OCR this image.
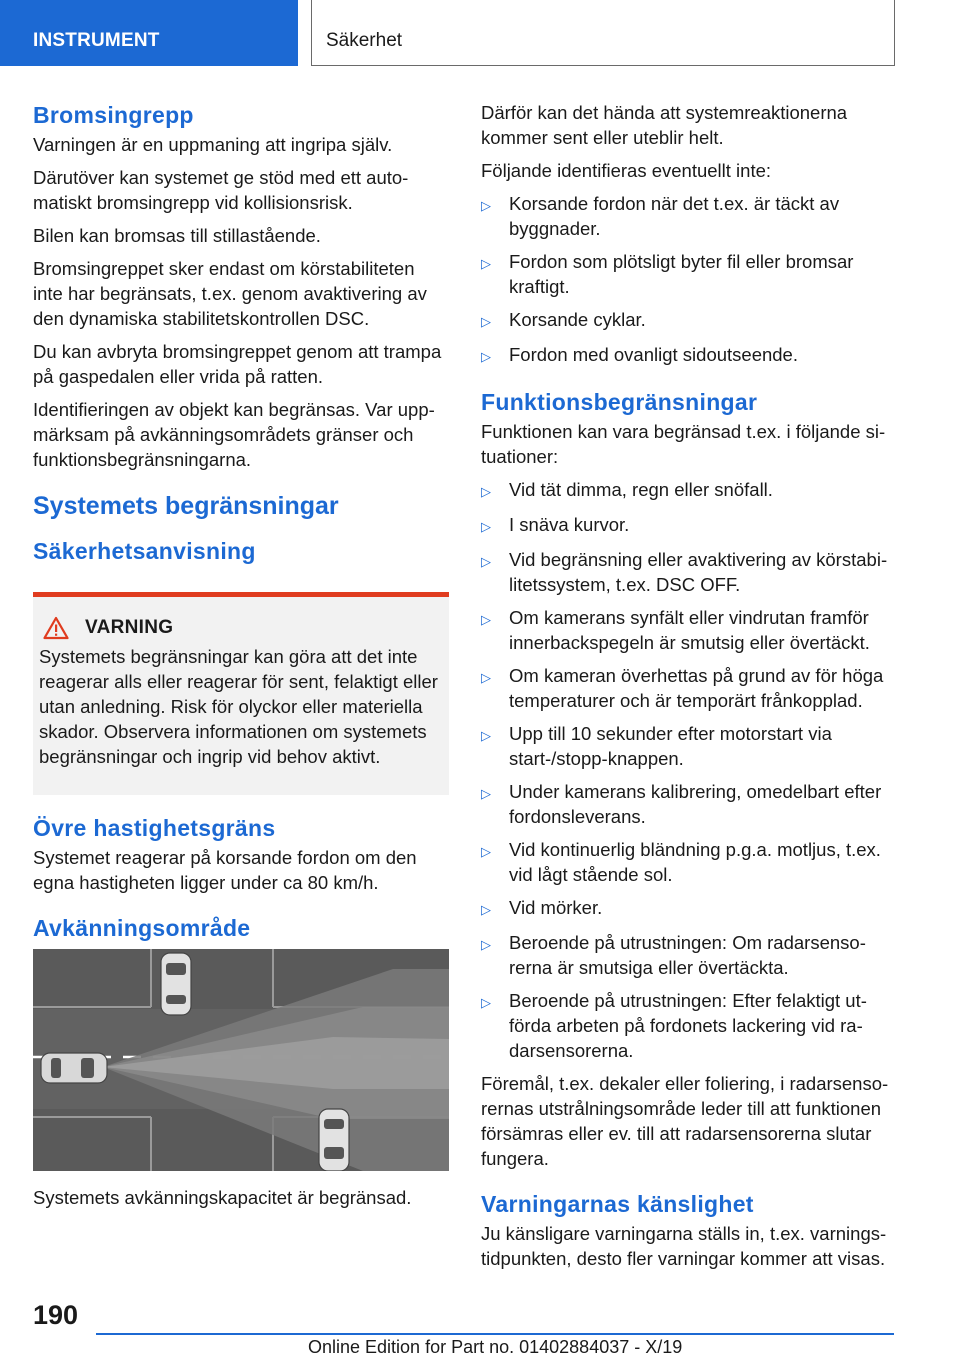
INSTRUMENT	Säkerhet
Bromsingrepp

Varningen är en uppmaning att ingripa själv.

Därutöver kan systemet ge stöd med ett automatiskt bromsingrepp vid kollisionsrisk.

Bilen kan bromsas till stillastående.

Bromsingreppet sker endast om körstabiliteten inte har begränsats, t.ex. genom avaktivering av den dynamiska stabilitetskontrollen DSC.

Du kan avbryta bromsingreppet genom att trampa på gaspedalen eller vrida på ratten.

Identifieringen av objekt kan begränsas. Var uppmärksam på avkänningsområdets gränser och funktionsbegränsningarna.

Systemets begränsningar
Säkerhetsanvisning
VARNING
Systemets begränsningar kan göra att det inte reagerar alls eller reagerar för sent, felaktigt eller utan anledning. Risk för olyckor eller materiella skador. Observera informationen om systemets begränsningar och ingrip vid behov aktivt.
Övre hastighetsgräns

Systemet reagerar på korsande fordon om den egna hastigheten ligger under ca 80 km/h.

Avkänningsområde
Systemets avkänningskapacitet är begränsad.

Därför kan det hända att systemreaktionerna kommer sent eller uteblir helt.

Följande identifieras eventuellt inte:

▷ Korsande fordon när det t.ex. är täckt av byggnader.
▷ Fordon som plötsligt byter fil eller bromsar kraftigt.
▷ Korsande cyklar.
▷ Fordon med ovanligt sidoutseende.
Funktionsbegränsningar

Funktionen kan vara begränsad t.ex. i följande situationer:

▷ Vid tät dimma, regn eller snöfall.
▷ I snäva kurvor.
▷ Vid begränsning eller avaktivering av körstabilitetssystem, t.ex. DSC OFF.
▷ Om kamerans synfält eller vindrutan framför innerbackspegeln är smutsig eller övertäckt.
▷ Om kameran överhettas på grund av för höga temperaturer och är temporärt frånkopplad.
▷ Upp till 10 sekunder efter motorstart via start-/stopp-knappen.
▷ Under kamerans kalibrering, omedelbart efter fordonsleverans.
▷ Vid kontinuerlig bländning p.g.a. motljus, t.ex. vid lågt stående sol.
▷ Vid mörker.
▷ Beroende på utrustningen: Om radarsensorerna är smutsiga eller övertäckta.
▷ Beroende på utrustningen: Efter felaktigt utförda arbeten på fordonets lackering vid radarsensorerna.

Föremål, t.ex. dekaler eller foliering, i radarsensorernas utstrålningsområde leder till att funktionen försämras eller ev. till att radarsensorerna slutar fungera.

Varningarnas känslighet

Ju känsligare varningarna ställs in, t.ex. varningstidpunkten, desto fler varningar kommer att visas.

190
Online Edition for Part no. 01402884037 - X/19
